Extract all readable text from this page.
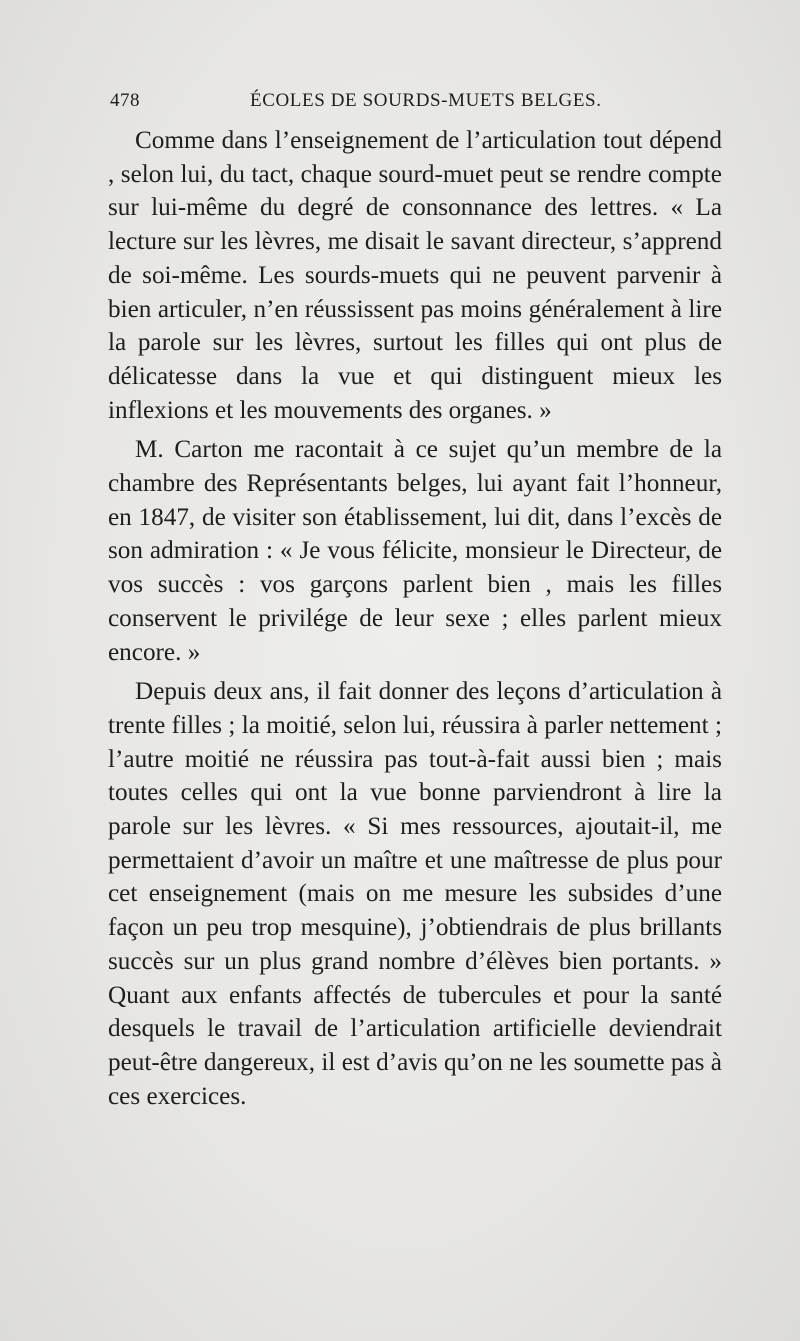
478	ÉCOLES DE SOURDS-MUETS BELGES.

Comme dans l’enseignement de l’articulation tout dépend , selon lui, du tact, chaque sourd-muet peut se rendre compte sur lui-même du degré de consonnance des lettres. « La lecture sur les lèvres, me disait le savant directeur, s’apprend de soi-même. Les sourds-muets qui ne peuvent parvenir à bien articuler, n’en réussissent pas moins généralement à lire la parole sur les lèvres, surtout les filles qui ont plus de délicatesse dans la vue et qui distinguent mieux les inflexions et les mouvements des organes. »

M. Carton me racontait à ce sujet qu’un membre de la chambre des Représentants belges, lui ayant fait l’honneur, en 1847, de visiter son établissement, lui dit, dans l’excès de son admiration : « Je vous félicite, monsieur le Directeur, de vos succès : vos garçons parlent bien , mais les filles conservent le privilége de leur sexe ; elles parlent mieux encore. »

Depuis deux ans, il fait donner des leçons d’articulation à trente filles ; la moitié, selon lui, réussira à parler nettement ; l’autre moitié ne réussira pas tout-à-fait aussi bien ; mais toutes celles qui ont la vue bonne parviendront à lire la parole sur les lèvres. « Si mes ressources, ajoutait-il, me permettaient d’avoir un maître et une maîtresse de plus pour cet enseignement (mais on me mesure les subsides d’une façon un peu trop mesquine), j’obtiendrais de plus brillants succès sur un plus grand nombre d’élèves bien portants. » Quant aux enfants affectés de tubercules et pour la santé desquels le travail de l’articulation artificielle deviendrait peut-être dangereux, il est d’avis qu’on ne les soumette pas à ces exercices.
